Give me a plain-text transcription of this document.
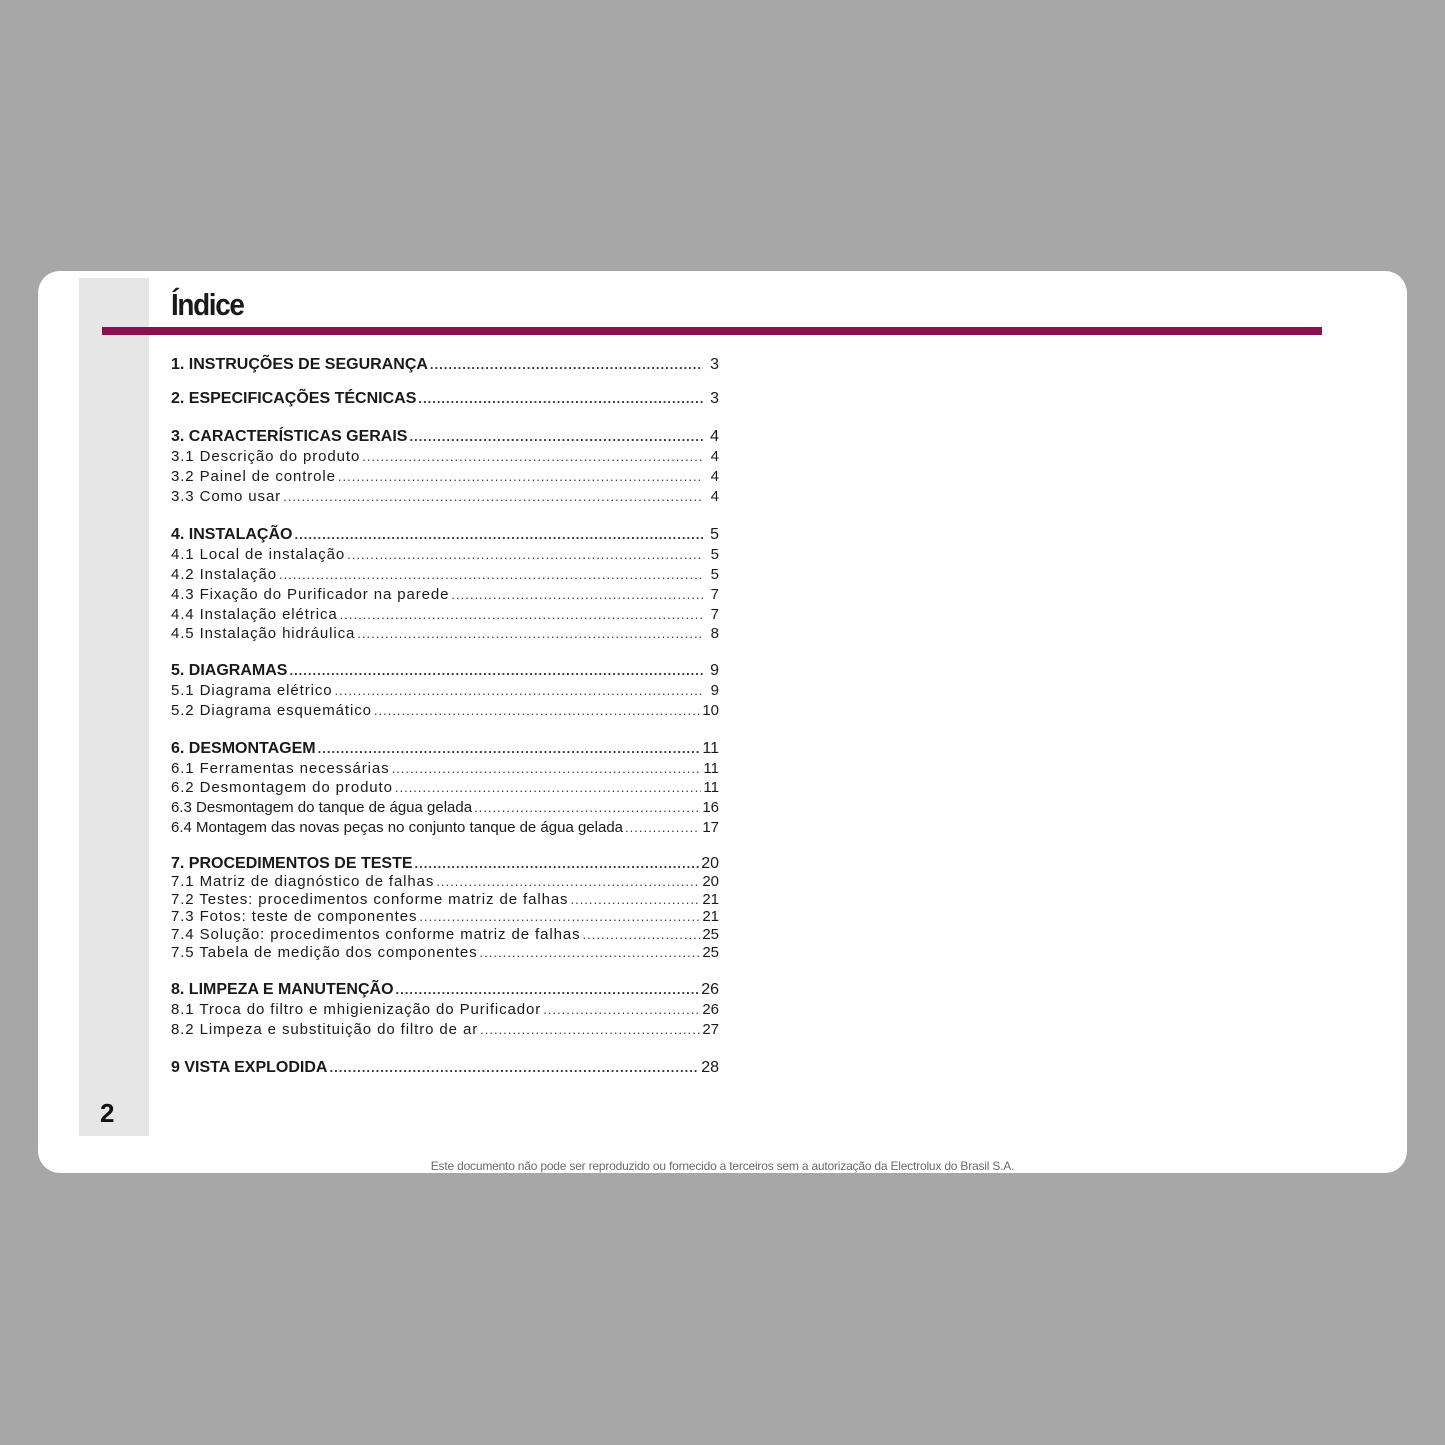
2
Índice
1. INSTRUÇÕES DE SEGURANÇA .....	3
2. ESPECIFICAÇÕES TÉCNICAS .....	3
3. CARACTERÍSTICAS GERAIS .....	4
3.1 Descrição do produto .....	4
3.2 Painel de controle .....	4
3.3 Como usar .....	4
4. INSTALAÇÃO .....	5
4.1 Local de instalação .....	5
4.2 Instalação .....	5
4.3 Fixação do Purificador na parede .....	7
4.4 Instalação elétrica .....	7
4.5 Instalação hidráulica .....	8
5. DIAGRAMAS .....	9
5.1 Diagrama elétrico .....	9
5.2 Diagrama esquemático .....	10
6. DESMONTAGEM .....	11
6.1 Ferramentas necessárias .....	11
6.2 Desmontagem do produto .....	11
6.3 Desmontagem do tanque de água gelada .....	16
6.4 Montagem das novas peças no conjunto tanque de água gelada .....	17
7. PROCEDIMENTOS DE TESTE .....	20
7.1 Matriz de diagnóstico de falhas .....	20
7.2 Testes: procedimentos conforme matriz de falhas .....	21
7.3 Fotos: teste de componentes .....	21
7.4 Solução: procedimentos conforme matriz de falhas .....	25
7.5 Tabela de medição dos componentes .....	25
8. LIMPEZA E MANUTENÇÃO .....	26
8.1 Troca do filtro e mhigienização do Purificador .....	26
8.2 Limpeza e substituição do filtro de ar .....	27
9 VISTA EXPLODIDA .....	28
Este documento não pode ser reproduzido ou fornecido a terceiros sem a autorização da Electrolux do Brasil S.A.
